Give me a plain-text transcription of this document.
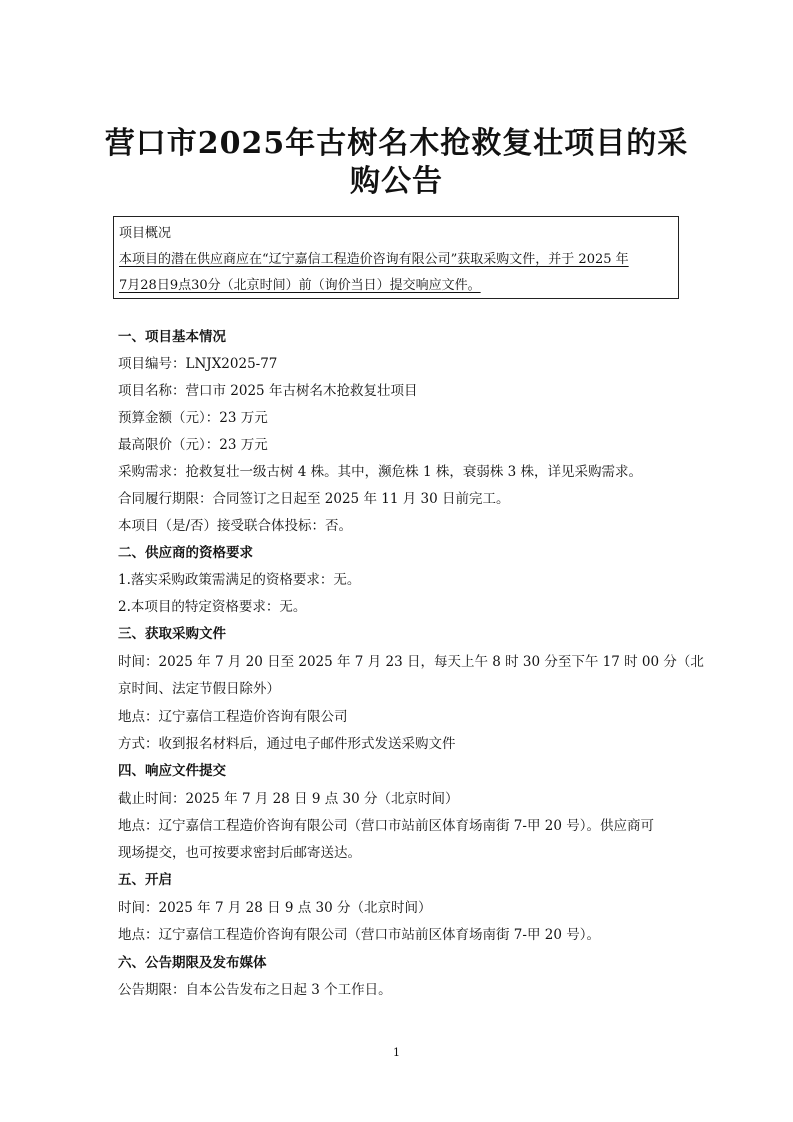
营口市2025年古树名木抢救复壮项目的采
购公告
项目概况
本项目的潜在供应商应在“辽宁嘉信工程造价咨询有限公司”获取采购文件，并于 2025 年
7月28日9点30分（北京时间）前（询价当日）提交响应文件。
一、项目基本情况
项目编号：LNJX2025-77
项目名称：营口市 2025 年古树名木抢救复壮项目
预算金额（元）：23 万元
最高限价（元）：23 万元
采购需求：抢救复壮一级古树 4 株。其中，濒危株 1 株，衰弱株 3 株，详见采购需求。
合同履行期限：合同签订之日起至 2025 年 11 月 30 日前完工。
本项目（是/否）接受联合体投标：否。
二、供应商的资格要求
1.落实采购政策需满足的资格要求：无。
2.本项目的特定资格要求：无。
三、获取采购文件
时间：2025 年 7 月 20 日至 2025 年 7 月 23 日，每天上午 8 时 30 分至下午 17 时 00 分（北
京时间、法定节假日除外）
地点：辽宁嘉信工程造价咨询有限公司
方式：收到报名材料后，通过电子邮件形式发送采购文件
四、响应文件提交
截止时间：2025 年 7 月 28 日 9 点 30 分（北京时间）
地点：辽宁嘉信工程造价咨询有限公司（营口市站前区体育场南街 7-甲 20 号）。供应商可
现场提交，也可按要求密封后邮寄送达。
五、开启
时间：2025 年 7 月 28 日 9 点 30 分（北京时间）
地点：辽宁嘉信工程造价咨询有限公司（营口市站前区体育场南街 7-甲 20 号）。
六、公告期限及发布媒体
公告期限：自本公告发布之日起 3 个工作日。
1
